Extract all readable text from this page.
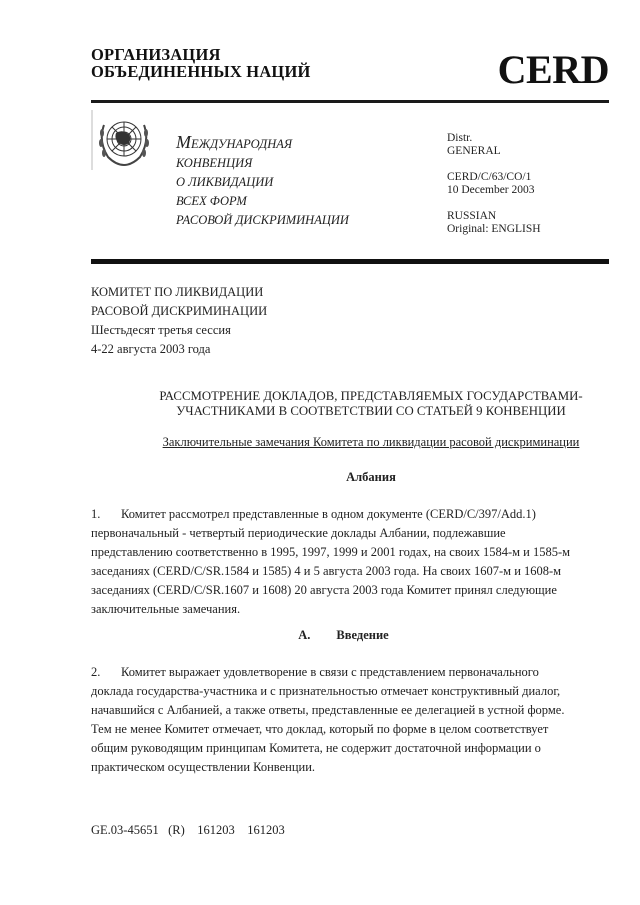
ОРГАНИЗАЦИЯ
ОБЪЕДИНЕННЫХ НАЦИЙ	CERD
МЕЖДУНАРОДНАЯ
КОНВЕНЦИЯ
О ЛИКВИДАЦИИ
ВСЕХ ФОРМ
РАСОВОЙ ДИСКРИМИНАЦИИ
Distr.
GENERAL
CERD/C/63/CO/1
10 December 2003
RUSSIAN
Original: ENGLISH
КОМИТЕТ ПО ЛИКВИДАЦИИ
РАСОВОЙ ДИСКРИМИНАЦИИ
Шестьдесят третья сессия
4-22 августа 2003 года
РАССМОТРЕНИЕ ДОКЛАДОВ, ПРЕДСТАВЛЯЕМЫХ ГОСУДАРСТВАМИ-
УЧАСТНИКАМИ В СООТВЕТСТВИИ СО СТАТЬЕЙ 9 КОНВЕНЦИИ
Заключительные замечания Комитета по ликвидации расовой дискриминации
Албания
1. Комитет рассмотрел представленные в одном документе (CERD/C/397/Add.1)
первоначальный - четвертый периодические доклады Албании, подлежавшие
представлению соответственно в 1995, 1997, 1999 и 2001 годах, на своих 1584-м и 1585-м
заседаниях (CERD/C/SR.1584 и 1585) 4 и 5 августа 2003 года. На своих 1607-м и 1608-м
заседаниях (CERD/C/SR.1607 и 1608) 20 августа 2003 года Комитет принял следующие
заключительные замечания.
A. Введение
2. Комитет выражает удовлетворение в связи с представлением первоначального
доклада государства-участника и с признательностью отмечает конструктивный диалог,
начавшийся с Албанией, а также ответы, представленные ее делегацией в устной форме.
Тем не менее Комитет отмечает, что доклад, который по форме в целом соответствует
общим руководящим принципам Комитета, не содержит достаточной информации о
практическом осуществлении Конвенции.
GE.03-45651   (R)    161203    161203
